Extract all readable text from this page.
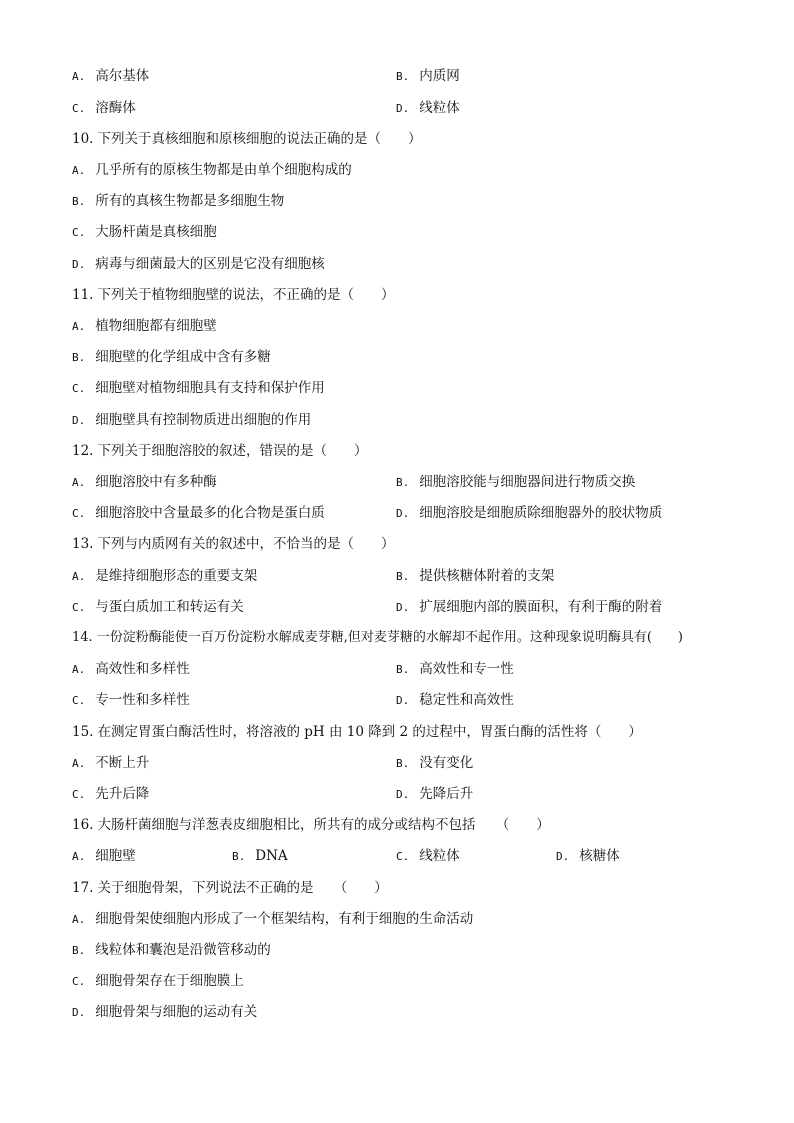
A. 高尔基体	B. 内质网
C. 溶酶体	D. 线粒体
10. 下列关于真核细胞和原核细胞的说法正确的是（　　）
A. 几乎所有的原核生物都是由单个细胞构成的
B. 所有的真核生物都是多细胞生物
C. 大肠杆菌是真核细胞
D. 病毒与细菌最大的区别是它没有细胞核
11. 下列关于植物细胞壁的说法，不正确的是（　　）
A. 植物细胞都有细胞壁
B. 细胞壁的化学组成中含有多糖
C. 细胞壁对植物细胞具有支持和保护作用
D. 细胞壁具有控制物质进出细胞的作用
12. 下列关于细胞溶胶的叙述，错误的是（　　）
A. 细胞溶胶中有多种酶	B. 细胞溶胶能与细胞器间进行物质交换
C. 细胞溶胶中含量最多的化合物是蛋白质	D. 细胞溶胶是细胞质除细胞器外的胶状物质
13. 下列与内质网有关的叙述中，不恰当的是（　　）
A. 是维持细胞形态的重要支架	B. 提供核糖体附着的支架
C. 与蛋白质加工和转运有关	D. 扩展细胞内部的膜面积，有利于酶的附着
14. 一份淀粉酶能使一百万份淀粉水解成麦芽糖,但对麦芽糖的水解却不起作用。这种现象说明酶具有(　　)
A. 高效性和多样性	B. 高效性和专一性
C. 专一性和多样性	D. 稳定性和高效性
15. 在测定胃蛋白酶活性时，将溶液的 pH 由 10 降到 2 的过程中，胃蛋白酶的活性将（　　）
A. 不断上升	B. 没有变化
C. 先升后降	D. 先降后升
16. 大肠杆菌细胞与洋葱表皮细胞相比，所共有的成分或结构不包括　　（　　）
A. 细胞壁	B. DNA	C. 线粒体	D. 核糖体
17. 关于细胞骨架，下列说法不正确的是　　（　　）
A. 细胞骨架使细胞内形成了一个框架结构，有利于细胞的生命活动
B. 线粒体和囊泡是沿微管移动的
C. 细胞骨架存在于细胞膜上
D. 细胞骨架与细胞的运动有关
